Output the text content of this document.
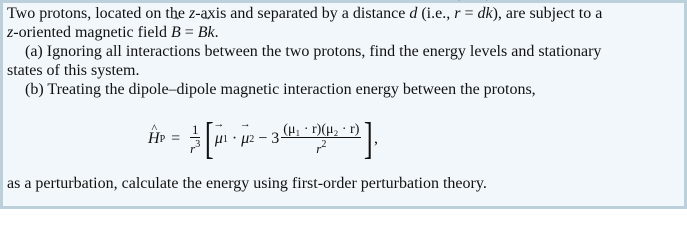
Two protons, located on the z-axis and separated by a distance d (i.e., → r = → dk), are subject to a
z-oriented magnetic field → B = → Bk.
(a) Ignoring all interactions between the two protons, find the energy levels and stationary
states of this system.
(b) Treating the dipole–dipole magnetic interaction energy between the protons,
^ H $P = \frac{1}{r^3}$ [ → μ 1 · → μ $2 - 3 \frac{\text{(μ₁ · r)(μ₂ · r)}}{r^2}$ ] ,
as a perturbation, calculate the energy using first-order perturbation theory.
